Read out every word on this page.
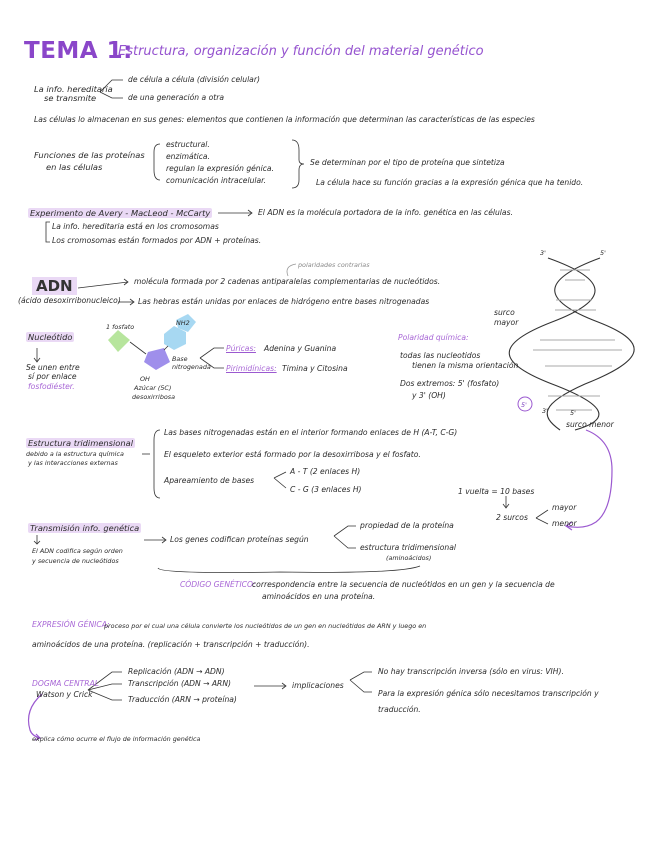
TEMA 1:
Estructura, organización y función del material genético
La info. hereditaria
se transmite
de célula a célula (división celular)
de una generación a otra
Las células lo almacenan en sus genes: elementos que contienen la información que determinan las características de las especies
Funciones de las proteínas
en las células
estructural.
enzimática.
regulan la expresión génica.
comunicación intracelular.
Se determinan por el tipo de proteína que sintetiza
La célula hace su función gracias a la expresión génica que ha tenido.
Experimento de Avery - MacLeod - McCarty	El ADN es la molécula portadora de la info. genética en las células.
La info. hereditaria está en los cromosomas
Los cromosomas están formados por ADN + proteínas.
ADN
(ácido desoxirribonucleico)
polaridades contrarias
molécula formada por 2 cadenas antiparalelas complementarias de nucleótidos.
Las hebras están unidas por enlaces de hidrógeno entre bases nitrogenadas
Nucleótido
Se unen entre
sí por enlace
fosfodiéster.
1 fosfato	NH2
Base
nitrogenada
OH
Azúcar (5C)
desoxirribosa
Púricas: Adenina y Guanina
Pirimidínicas: Timina y Citosina
3'	5'
surco
mayor
5'
3'	5'
surco menor
Polaridad química:
todas las nucleotidos
tienen la misma orientación
Dos extremos: 5' (fosfato)
y 3' (OH)
Estructura tridimensional
debido a la estructura química
y las interacciones externas
Las bases nitrogenadas están en el interior formando enlaces de H (A-T, C-G)
El esqueleto exterior está formado por la desoxirribosa y el fosfato.
Apareamiento de bases
A - T (2 enlaces H)
C - G (3 enlaces H)	1 vuelta = 10 bases
2 surcos
mayor
menor
Transmisión info. genética
El ADN codifica según orden
y secuencia de nucleótidos
Los genes codifican proteínas según
propiedad de la proteína
estructura tridimensional
(aminoácidos)
CÓDIGO GENÉTICO:
correspondencia entre la secuencia de nucleótidos en un gen y la secuencia de
aminoácidos en una proteína.
EXPRESIÓN GÉNICA:
proceso por el cual una célula convierte los nucleótidos de un gen en nucleótidos de ARN y luego en
aminoácidos de una proteína. (replicación + transcripción + traducción).
DOGMA CENTRAL
Watson y Crick
Replicación (ADN → ADN)
Transcripción (ADN → ARN)
Traducción (ARN → proteína)
implicaciones
No hay transcripción inversa (sólo en virus: VIH).
Para la expresión génica sólo necesitamos transcripción y
traducción.
explica cómo ocurre el flujo de información genética
